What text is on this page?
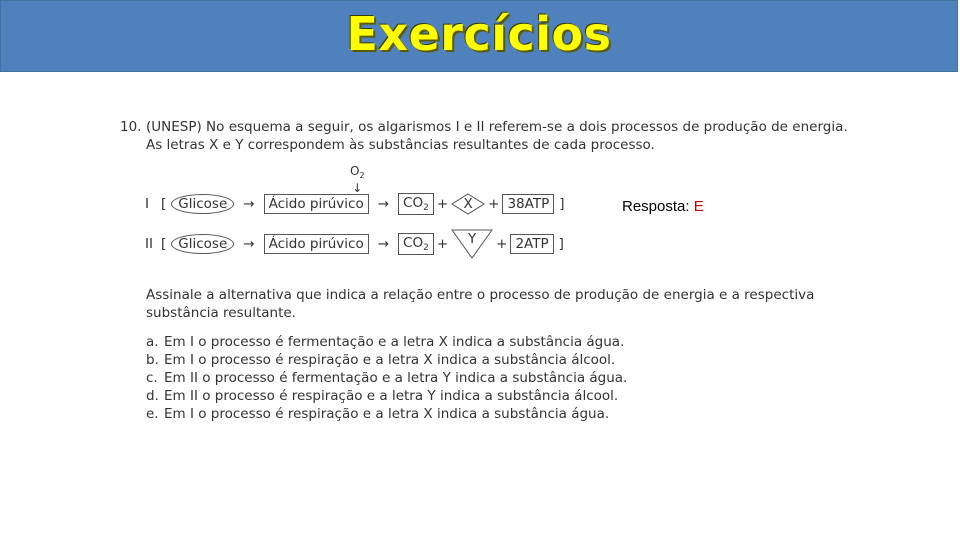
Exercícios
10. (UNESP) No esquema a seguir, os algarismos I e II referem-se a dois processos de produção de energia.
As letras X e Y correspondem às substâncias resultantes de cada processo.
$O_2$
↓
I [ Glicose	→	Ácido pirúvico	→	$CO_2$ +	X	+ 38ATP ]
II [ Glicose	→	Ácido pirúvico	→	$CO_2$ +	Y	+ 2ATP ]
Resposta: E
Assinale a alternativa que indica a relação entre o processo de produção de energia e a respectiva
substância resultante.
a. Em I o processo é fermentação e a letra X indica a substância água.
b. Em I o processo é respiração e a letra X indica a substância álcool.
c. Em II o processo é fermentação e a letra Y indica a substância água.
d. Em II o processo é respiração e a letra Y indica a substância álcool.
e. Em I o processo é respiração e a letra X indica a substância água.
